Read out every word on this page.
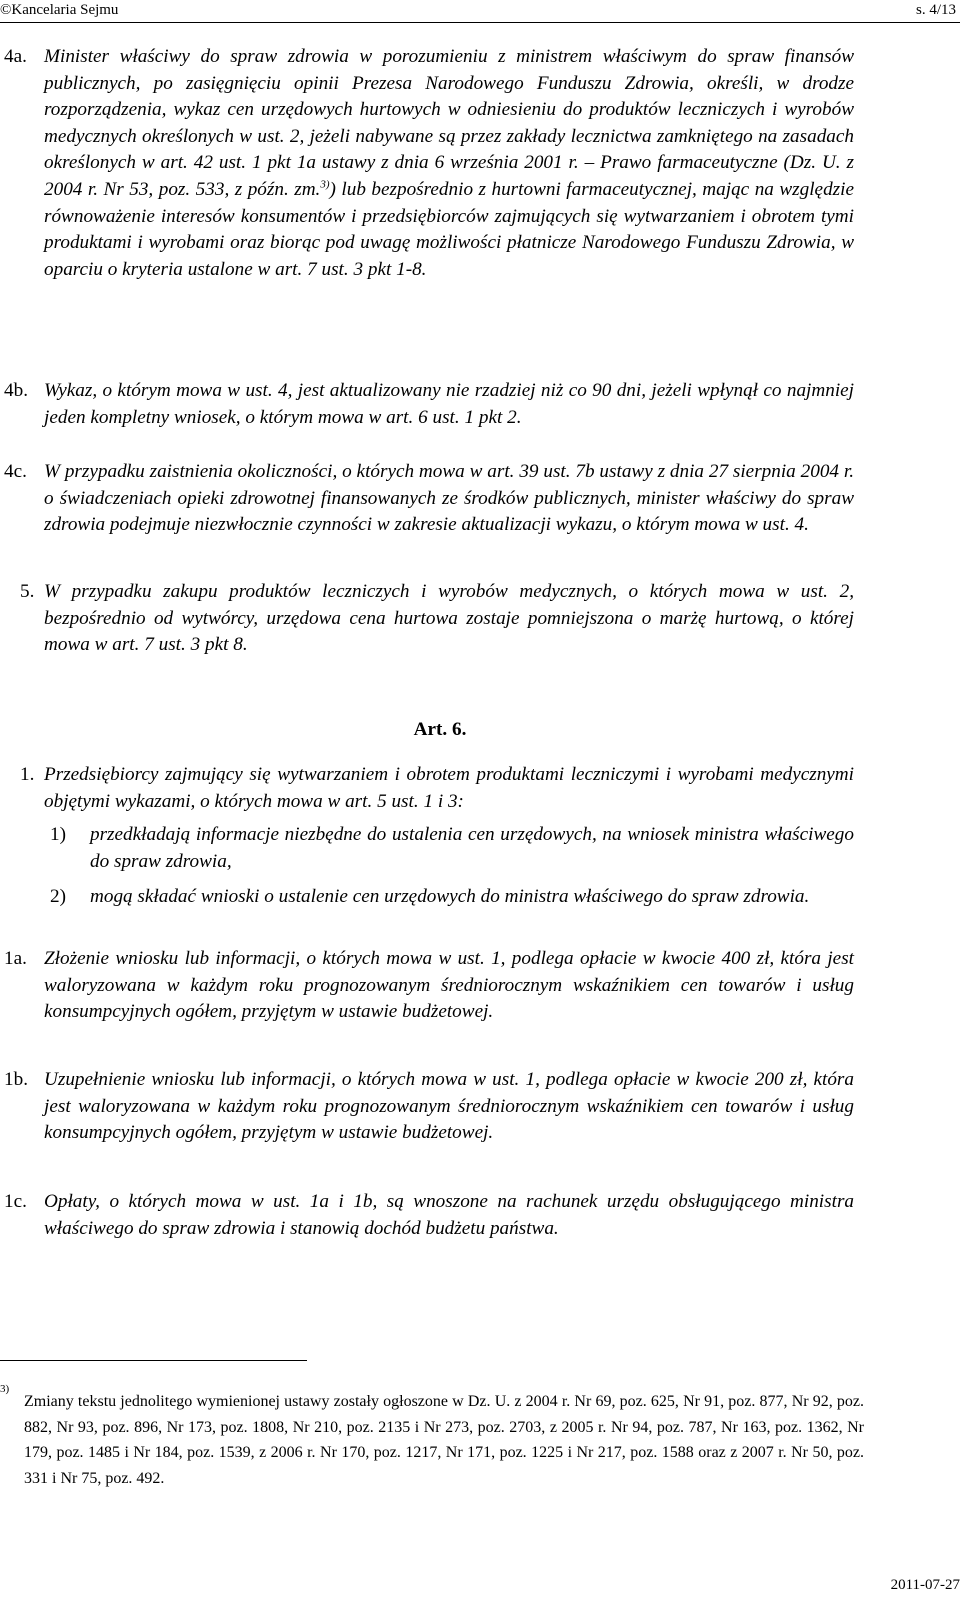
©Kancelaria Sejmu	s. 4/13
4a. Minister właściwy do spraw zdrowia w porozumieniu z ministrem właściwym do spraw finansów publicznych, po zasięgnięciu opinii Prezesa Narodowego Funduszu Zdrowia, określi, w drodze rozporządzenia, wykaz cen urzędowych hurtowych w odniesieniu do produktów leczniczych i wyrobów medycznych określonych w ust. 2, jeżeli nabywane są przez zakłady lecznictwa zamkniętego na zasadach określonych w art. 42 ust. 1 pkt 1a ustawy z dnia 6 września 2001 r. – Prawo farmaceutyczne (Dz. U. z 2004 r. Nr 53, poz. 533, z późn. zm.$^{3)}$) lub bezpośrednio z hurtowni farmaceutycznej, mając na względzie równoważenie interesów konsumentów i przedsiębiorców zajmujących się wytwarzaniem i obrotem tymi produktami i wyrobami oraz biorąc pod uwagę możliwości płatnicze Narodowego Funduszu Zdrowia, w oparciu o kryteria ustalone w art. 7 ust. 3 pkt 1-8.

4b. Wykaz, o którym mowa w ust. 4, jest aktualizowany nie rzadziej niż co 90 dni, jeżeli wpłynął co najmniej jeden kompletny wniosek, o którym mowa w art. 6 ust. 1 pkt 2.

4c. W przypadku zaistnienia okoliczności, o których mowa w art. 39 ust. 7b ustawy z dnia 27 sierpnia 2004 r. o świadczeniach opieki zdrowotnej finansowanych ze środków publicznych, minister właściwy do spraw zdrowia podejmuje niezwłocznie czynności w zakresie aktualizacji wykazu, o którym mowa w ust. 4.

5. W przypadku zakupu produktów leczniczych i wyrobów medycznych, o których mowa w ust. 2, bezpośrednio od wytwórcy, urzędowa cena hurtowa zostaje pomniejszona o marżę hurtową, o której mowa w art. 7 ust. 3 pkt 8.

Art. 6.
1. Przedsiębiorcy zajmujący się wytwarzaniem i obrotem produktami leczniczymi i wyrobami medycznymi objętymi wykazami, o których mowa w art. 5 ust. 1 i 3:

1) przedkładają informacje niezbędne do ustalenia cen urzędowych, na wniosek ministra właściwego do spraw zdrowia,

2) mogą składać wnioski o ustalenie cen urzędowych do ministra właściwego do spraw zdrowia.

1a. Złożenie wniosku lub informacji, o których mowa w ust. 1, podlega opłacie w kwocie 400 zł, która jest waloryzowana w każdym roku prognozowanym średniorocznym wskaźnikiem cen towarów i usług konsumpcyjnych ogółem, przyjętym w ustawie budżetowej.

1b. Uzupełnienie wniosku lub informacji, o których mowa w ust. 1, podlega opłacie w kwocie 200 zł, która jest waloryzowana w każdym roku prognozowanym średniorocznym wskaźnikiem cen towarów i usług konsumpcyjnych ogółem, przyjętym w ustawie budżetowej.

1c. Opłaty, o których mowa w ust. 1a i 1b, są wnoszone na rachunek urzędu obsługującego ministra właściwego do spraw zdrowia i stanowią dochód budżetu państwa.

3)

Zmiany tekstu jednolitego wymienionej ustawy zostały ogłoszone w Dz. U. z 2004 r. Nr 69, poz. 625, Nr 91, poz. 877, Nr 92, poz. 882, Nr 93, poz. 896, Nr 173, poz. 1808, Nr 210, poz. 2135 i Nr 273, poz. 2703, z 2005 r. Nr 94, poz. 787, Nr 163, poz. 1362, Nr 179, poz. 1485 i Nr 184, poz. 1539, z 2006 r. Nr 170, poz. 1217, Nr 171, poz. 1225 i Nr 217, poz. 1588 oraz z 2007 r. Nr 50, poz. 331 i Nr 75, poz. 492.

2011-07-27
